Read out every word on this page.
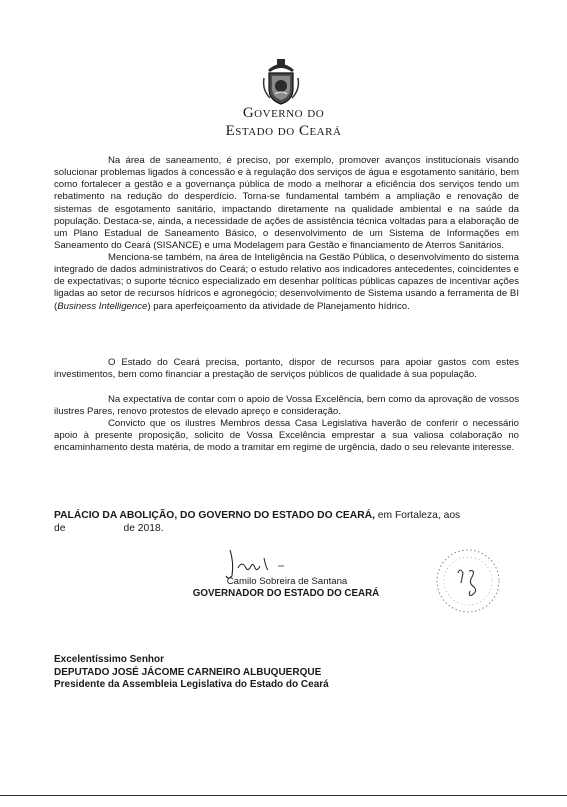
Governo do
Estado do Ceará

Na área de saneamento, é preciso, por exemplo, promover avanços institucionais visando solucionar problemas ligados à concessão e à regulação dos serviços de água e esgotamento sanitário, bem como fortalecer a gestão e a governança pública de modo a melhorar a eficiência dos serviços tendo um rebatimento na redução do desperdício. Torna-se fundamental também a ampliação e renovação de sistemas de esgotamento sanitário, impactando diretamente na qualidade ambiental e na saúde da população. Destaca-se, ainda, a necessidade de ações de assistência técnica voltadas para a elaboração de um Plano Estadual de Saneamento Básico, o desenvolvimento de um Sistema de Informações em Saneamento do Ceará (SISANCE) e uma Modelagem para Gestão e financiamento de Aterros Sanitários.

Menciona-se também, na área de Inteligência na Gestão Pública, o desenvolvimento do sistema integrado de dados administrativos do Ceará; o estudo relativo aos indicadores antecedentes, coincidentes e de expectativas; o suporte técnico especializado em desenhar políticas públicas capazes de incentivar ações ligadas ao setor de recursos hídricos e agronegócio; desenvolvimento de Sistema usando a ferramenta de BI (Business Intelligence) para aperfeiçoamento da atividade de Planejamento hídrico.

O Estado do Ceará precisa, portanto, dispor de recursos para apoiar gastos com estes investimentos, bem como financiar a prestação de serviços públicos de qualidade à sua população.

Na expectativa de contar com o apoio de Vossa Excelência, bem como da aprovação de vossos ilustres Pares, renovo protestos de elevado apreço e consideração.

Convicto que os ilustres Membros dessa Casa Legislativa haverão de conferir o necessário apoio à presente proposição, solicito de Vossa Excelência emprestar a sua valiosa colaboração no encaminhamento desta matéria, de modo a tramitar em regime de urgência, dado o seu relevante interesse.

PALÁCIO DA ABOLIÇÃO, DO GOVERNO DO ESTADO DO CEARÁ, em Fortaleza, aos
de	de 2018.
Camilo Sobreira de Santana
GOVERNADOR DO ESTADO DO CEARÁ
Excelentíssimo Senhor
DEPUTADO JOSÉ JÁCOME CARNEIRO ALBUQUERQUE
Presidente da Assembleia Legislativa do Estado do Ceará
